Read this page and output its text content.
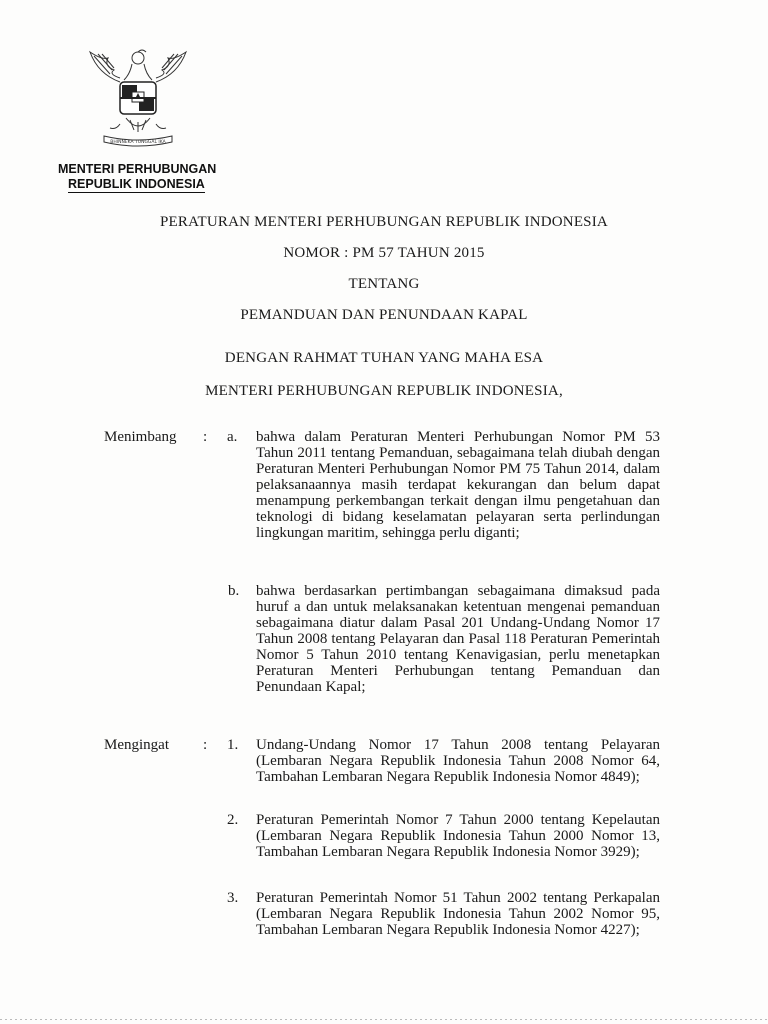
BHINNEKA TUNGGAL IKA
MENTERI PERHUBUNGAN
REPUBLIK INDONESIA
PERATURAN MENTERI PERHUBUNGAN REPUBLIK INDONESIA
NOMOR : PM 57 TAHUN 2015
TENTANG
PEMANDUAN DAN PENUNDAAN KAPAL
DENGAN RAHMAT TUHAN YANG MAHA ESA
MENTERI PERHUBUNGAN REPUBLIK INDONESIA,
Menimbang : a. bahwa dalam Peraturan Menteri Perhubungan Nomor PM 53 Tahun 2011 tentang Pemanduan, sebagaimana telah diubah dengan Peraturan Menteri Perhubungan Nomor PM 75 Tahun 2014, dalam pelaksanaannya masih terdapat kekurangan dan belum dapat menampung perkembangan terkait dengan ilmu pengetahuan dan teknologi di bidang keselamatan pelayaran serta perlindungan lingkungan maritim, sehingga perlu diganti;
b. bahwa berdasarkan pertimbangan sebagaimana dimaksud pada huruf a dan untuk melaksanakan ketentuan mengenai pemanduan sebagaimana diatur dalam Pasal 201 Undang-Undang Nomor 17 Tahun 2008 tentang Pelayaran dan Pasal 118 Peraturan Pemerintah Nomor 5 Tahun 2010 tentang Kenavigasian, perlu menetapkan Peraturan Menteri Perhubungan tentang Pemanduan dan Penundaan Kapal;
Mengingat : 1. Undang-Undang Nomor 17 Tahun 2008 tentang Pelayaran (Lembaran Negara Republik Indonesia Tahun 2008 Nomor 64, Tambahan Lembaran Negara Republik Indonesia Nomor 4849);
2. Peraturan Pemerintah Nomor 7 Tahun 2000 tentang Kepelautan (Lembaran Negara Republik Indonesia Tahun 2000 Nomor 13, Tambahan Lembaran Negara Republik Indonesia Nomor 3929);
3. Peraturan Pemerintah Nomor 51 Tahun 2002 tentang Perkapalan (Lembaran Negara Republik Indonesia Tahun 2002 Nomor 95, Tambahan Lembaran Negara Republik Indonesia Nomor 4227);
